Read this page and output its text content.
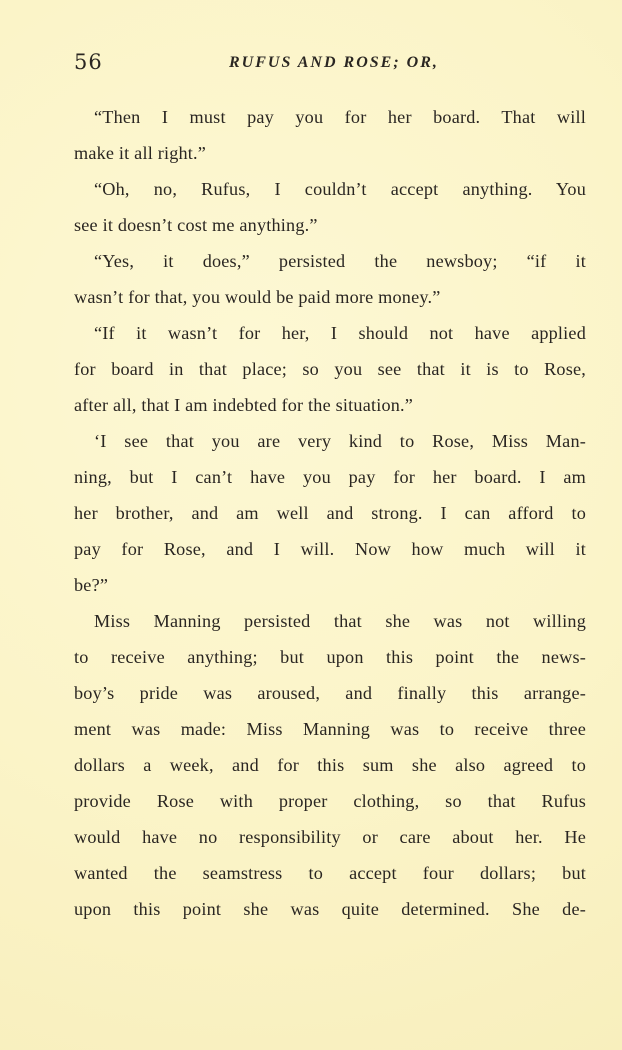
56	RUFUS AND ROSE; OR,
“Then I must pay you for her board. That will
make it all right.”
“Oh, no, Rufus, I couldn’t accept anything. You
see it doesn’t cost me anything.”
“Yes, it does,” persisted the newsboy; “if it
wasn’t for that, you would be paid more money.”
“If it wasn’t for her, I should not have applied
for board in that place; so you see that it is to Rose,
after all, that I am indebted for the situation.”
‘I see that you are very kind to Rose, Miss Man-
ning, but I can’t have you pay for her board. I am
her brother, and am well and strong. I can afford to
pay for Rose, and I will. Now how much will it
be?”
Miss Manning persisted that she was not willing
to receive anything; but upon this point the news-
boy’s pride was aroused, and finally this arrange-
ment was made: Miss Manning was to receive three
dollars a week, and for this sum she also agreed to
provide Rose with proper clothing, so that Rufus
would have no responsibility or care about her. He
wanted the seamstress to accept four dollars; but
upon this point she was quite determined. She de-
